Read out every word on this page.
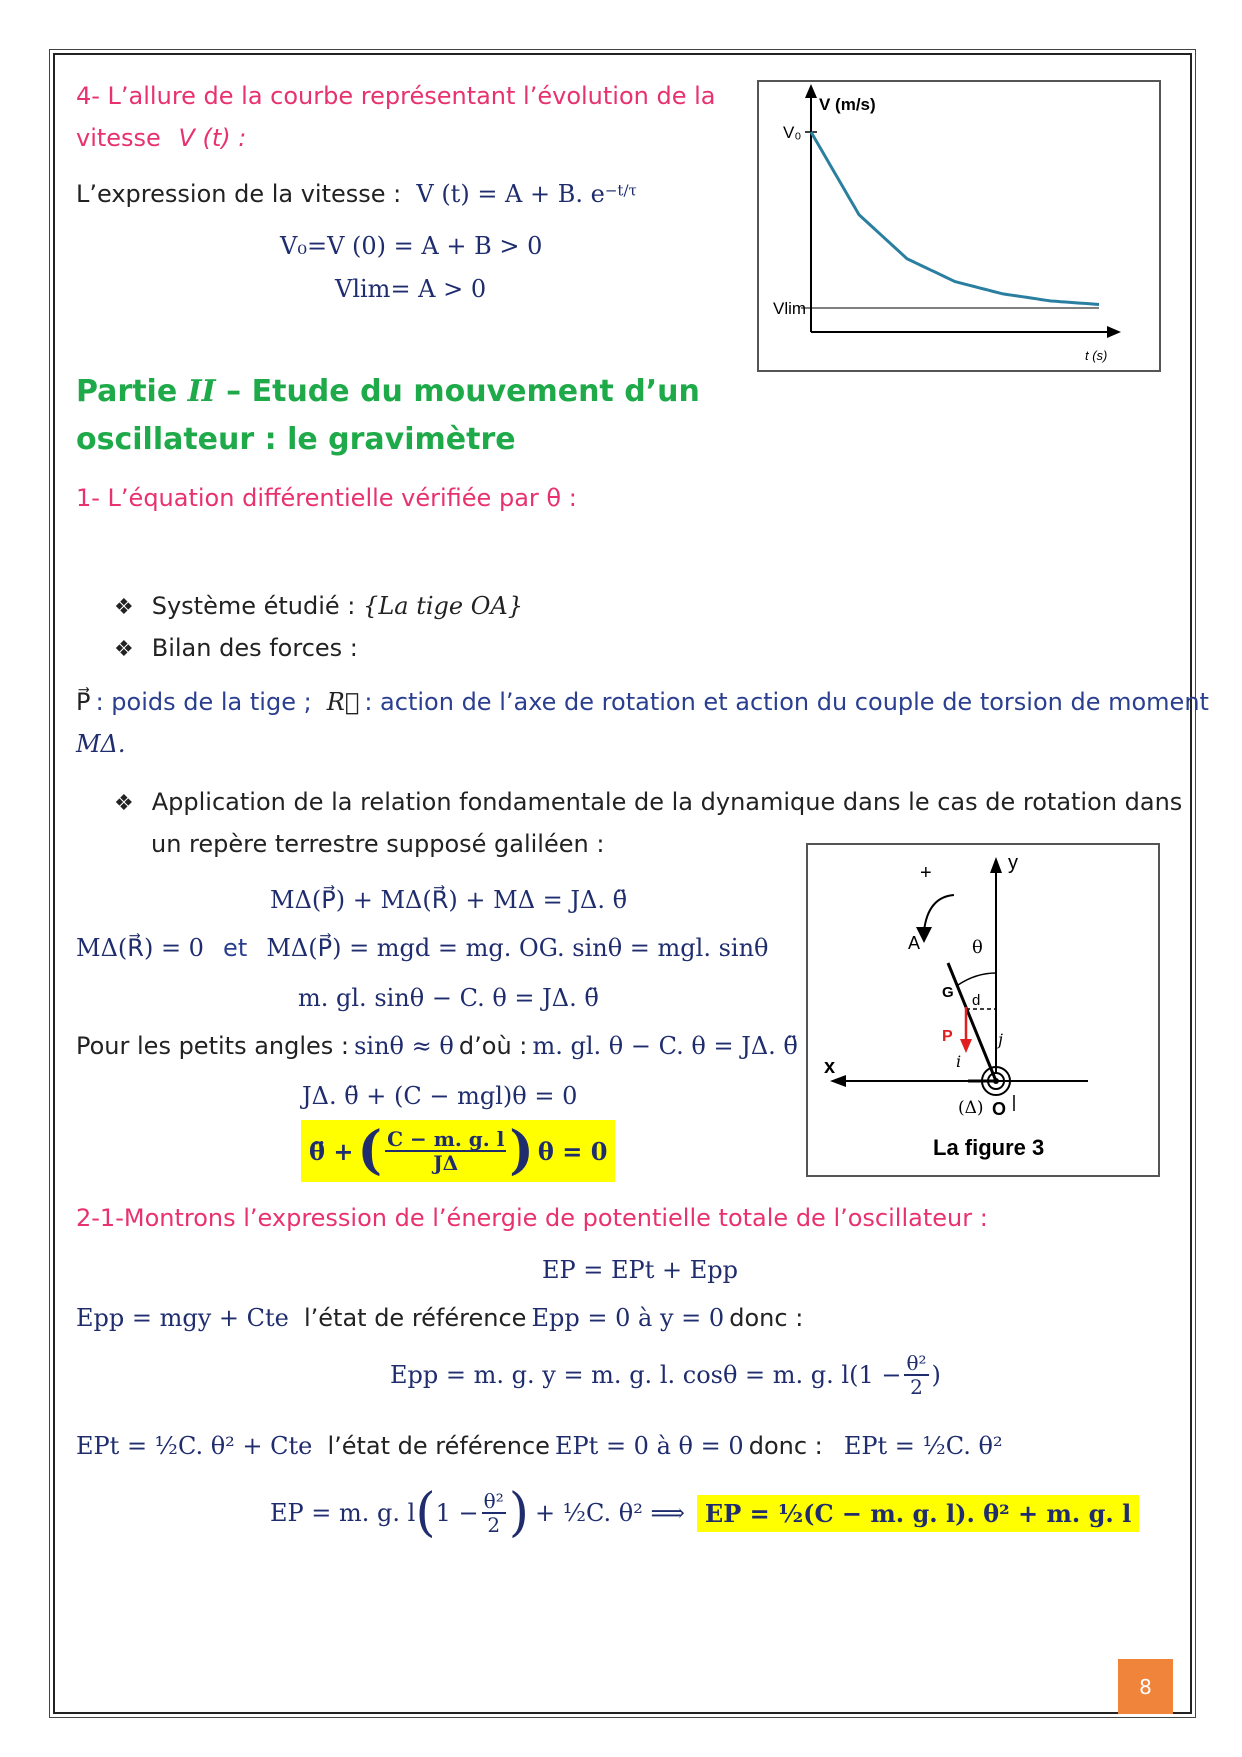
4- L’allure de la courbe représentant l’évolution de la
vitesse V (t) :
L’expression de la vitesse : V (t) = A + B. $e^{-t/\tau}$
V₀=V (0) = A + B > 0
Vlim= A > 0
V (m/s)
V₀
Vlim
t (s)
Partie II – Etude du mouvement d’un
oscillateur : le gravimètre
1- L’équation différentielle vérifiée par θ :
❖ Système étudié : {La tige OA}
❖ Bilan des forces :
P⃗ : poids de la tige ; R⃗ : action de l’axe de rotation et action du couple de torsion de moment
MΔ.
❖ Application de la relation fondamentale de la dynamique dans le cas de rotation dans
un repère terrestre supposé galiléen :
MΔ(P⃗) + MΔ(R⃗) + MΔ = JΔ. θ̈
MΔ(R⃗) = 0 et MΔ(P⃗) = mgd = mg. OG. sinθ = mgl. sinθ
m. gl. sinθ − C. θ = JΔ. θ̈
Pour les petits angles : sinθ ≈ θ d’où : m. gl. θ − C. θ = JΔ. θ̈
JΔ. θ̈ + (C − mgl)θ = 0
θ̈ + ( $\frac{C - m. g. l}{J\Delta}$ ) θ = 0
y
x
+
A	θ
d
G
P
i
j
(Δ) O
La figure 3
2-1-Montrons l’expression de l’énergie de potentielle totale de l’oscillateur :
EP = EPt + Epp
Epp = mgy + Cte l’état de référence Epp = 0 à y = 0 donc :
Epp = m. g. y = m. g. l. cosθ = m. g. $l(1 - \frac{\text{θ²}}{2}$ )
EPt = ½C. θ² + Cte l’état de référence EPt = 0 à θ = 0 donc : EPt = ½C. θ²
EP = m. g. l ( $1 - \frac{\text{θ²}}{2}$ ) + ½C. θ² ⟹ EP = ½(C − m. g. l). θ² + m. g. l
8
